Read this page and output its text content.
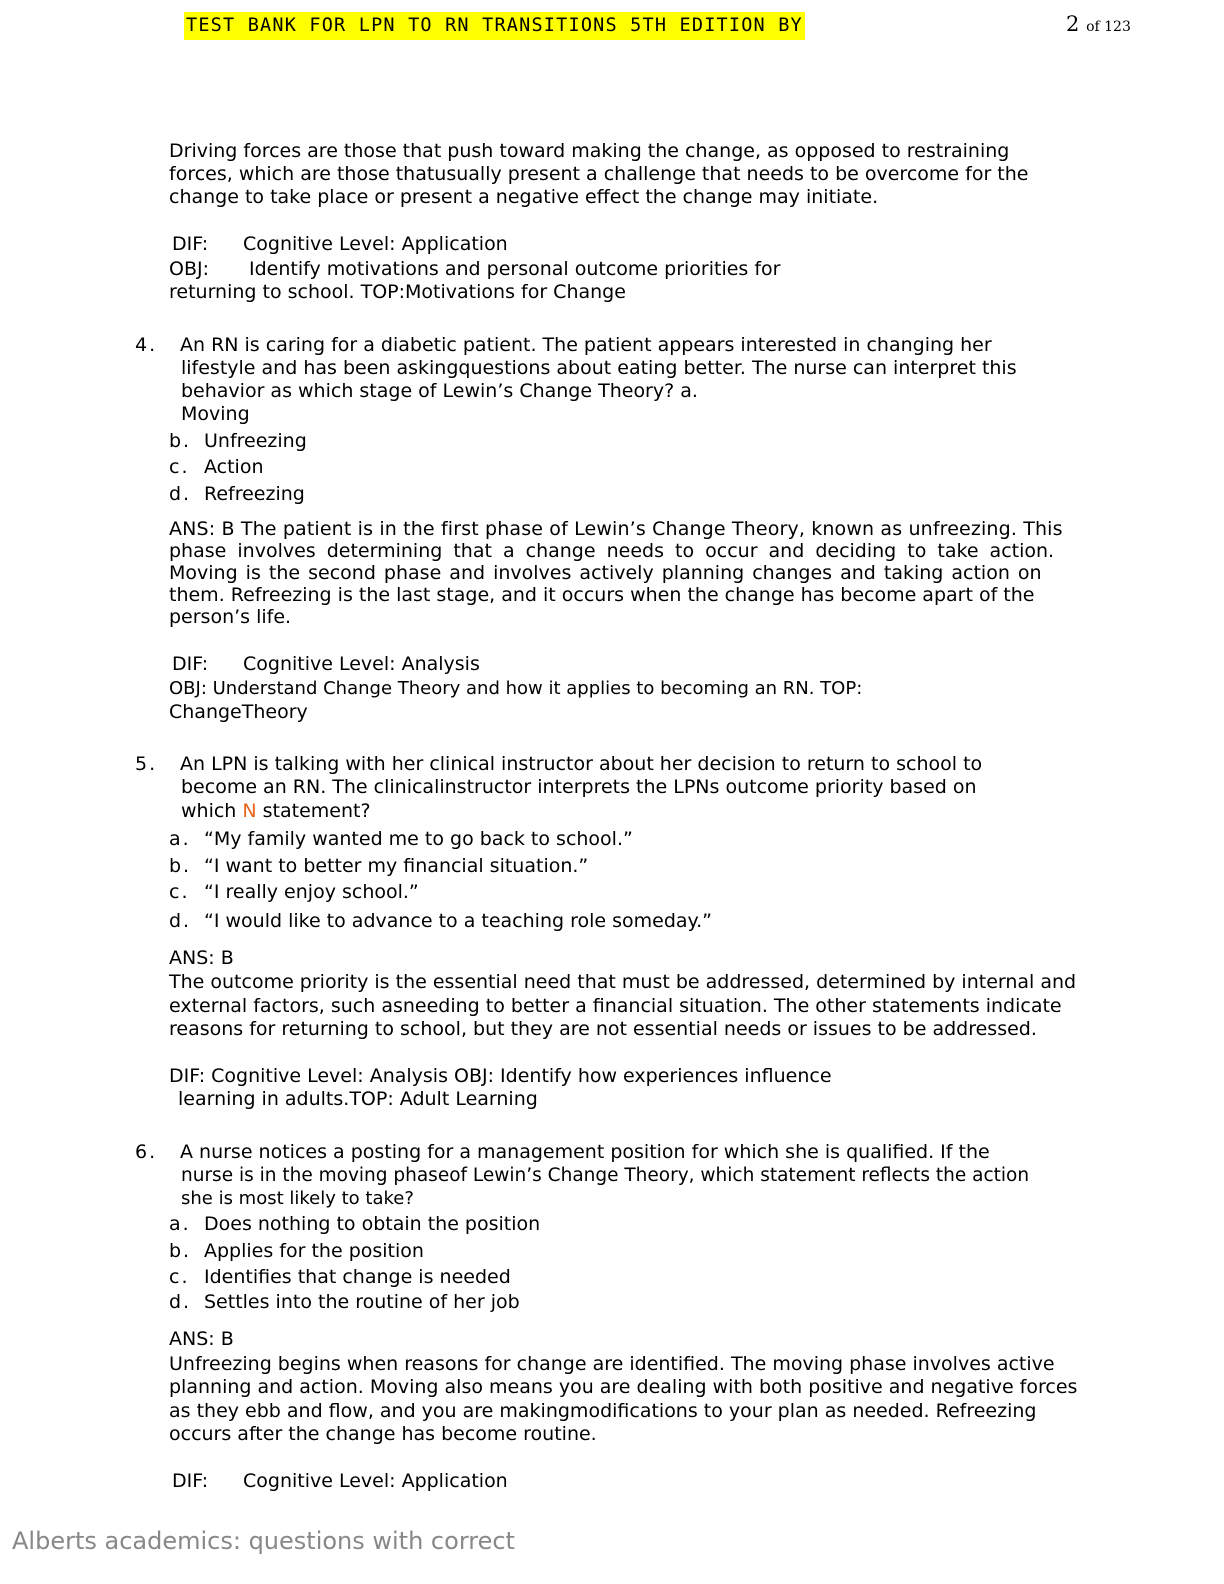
TEST BANK FOR LPN TO RN TRANSITIONS 5TH EDITION BY	2 of 123
Driving forces are those that push toward making the change, as opposed to restraining
forces, which are those thatusually present a challenge that needs to be overcome for the
change to take place or present a negative effect the change may initiate.
DIF: Cognitive Level: Application
OBJ: Identify motivations and personal outcome priorities for
returning to school. TOP:Motivations for Change
4. An RN is caring for a diabetic patient. The patient appears interested in changing her
lifestyle and has been askingquestions about eating better. The nurse can interpret this
behavior as which stage of Lewin’s Change Theory? a.
Moving
b. Unfreezing
c. Action
d. Refreezing
ANS: B The patient is in the first phase of Lewin’s Change Theory, known as unfreezing. This
phase involves determining that a change needs to occur and deciding to take action.
Moving is the second phase and involves actively planning changes and taking action on
them. Refreezing is the last stage, and it occurs when the change has become apart of the
person’s life.
DIF: Cognitive Level: Analysis
OBJ: Understand Change Theory and how it applies to becoming an RN. TOP:
ChangeTheory
5. An LPN is talking with her clinical instructor about her decision to return to school to
become an RN. The clinicalinstructor interprets the LPNs outcome priority based on
which N statement?
a. “My family wanted me to go back to school.”
b. “I want to better my financial situation.”
c. “I really enjoy school.”
d. “I would like to advance to a teaching role someday.”
ANS: B
The outcome priority is the essential need that must be addressed, determined by internal and
external factors, such asneeding to better a financial situation. The other statements indicate
reasons for returning to school, but they are not essential needs or issues to be addressed.
DIF: Cognitive Level: Analysis OBJ: Identify how experiences influence
learning in adults.TOP: Adult Learning
6. A nurse notices a posting for a management position for which she is qualified. If the
nurse is in the moving phaseof Lewin’s Change Theory, which statement reflects the action
she is most likely to take?
a. Does nothing to obtain the position
b. Applies for the position
c. Identifies that change is needed
d. Settles into the routine of her job
ANS: B
Unfreezing begins when reasons for change are identified. The moving phase involves active
planning and action. Moving also means you are dealing with both positive and negative forces
as they ebb and flow, and you are makingmodifications to your plan as needed. Refreezing
occurs after the change has become routine.
DIF: Cognitive Level: Application
Alberts academics: questions with correct
